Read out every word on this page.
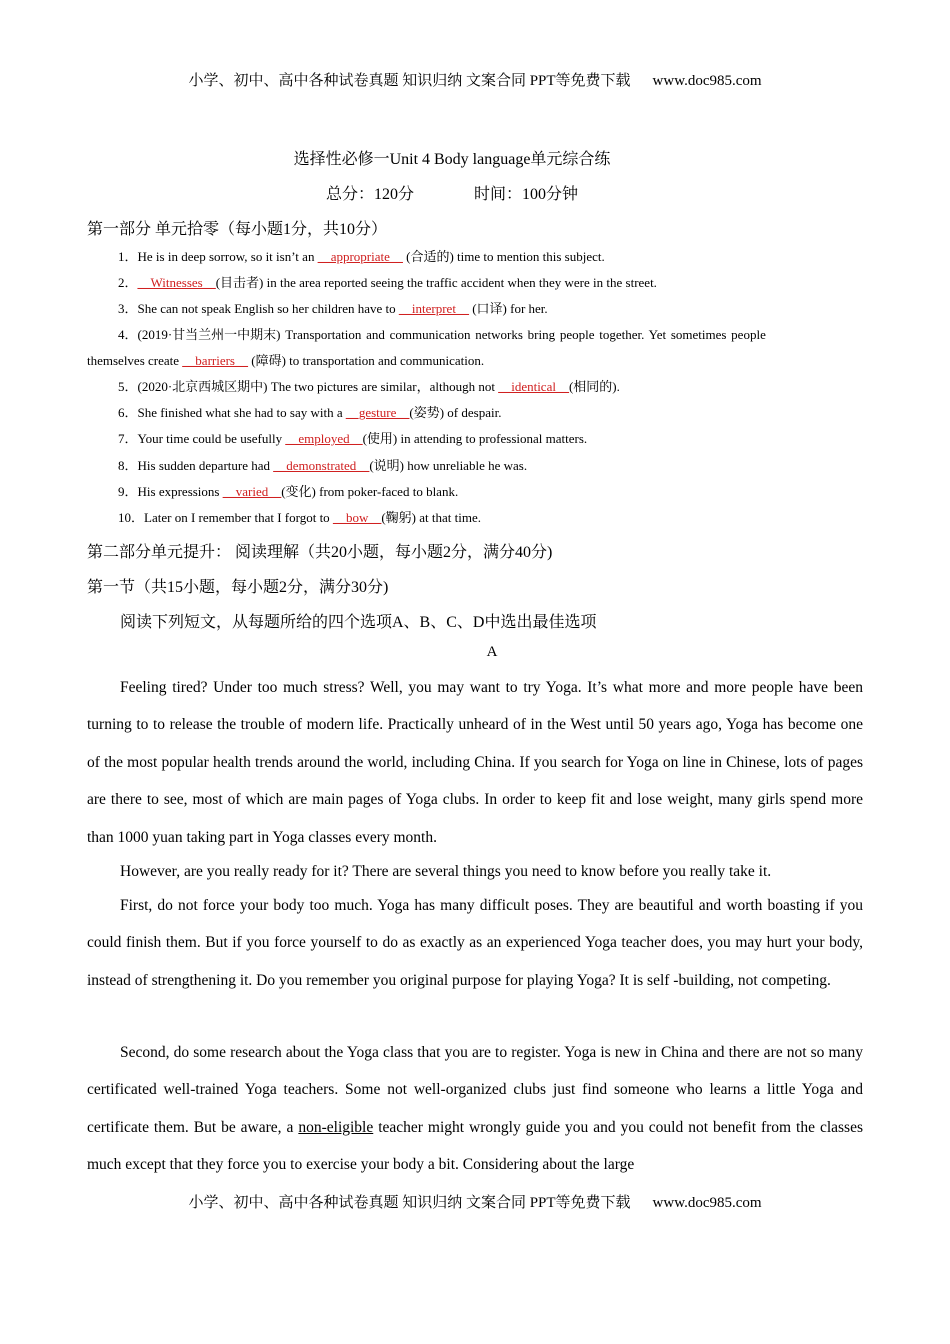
小学、初中、高中各种试卷真题 知识归纳 文案合同 PPT等免费下载 www.doc985.com
选择性必修一Unit 4 Body language单元综合练
总分：120分	时间：100分钟
第一部分 单元拾零（每小题1分，共10分）
1．He is in deep sorrow, so it isn’t an __appropriate__ (合适的) time to mention this subject.
2．__Witnesses__(目击者) in the area reported seeing the traffic accident when they were in the street.
3．She can not speak English so her children have to __interpret__ (口译) for her.
4．(2019·甘当兰州一中期末) Transportation and communication networks bring people together. Yet sometimes people
themselves create __barriers__ (障碍) to transportation and communication.
5．(2020·北京西城区期中) The two pictures are similar，although not __identical__(相同的).
6．She finished what she had to say with a __gesture__(姿势) of despair.
7．Your time could be usefully __employed__(使用) in attending to professional matters.
8．His sudden departure had __demonstrated__(说明) how unreliable he was.
9．His expressions __varied__(变化) from poker-faced to blank.
10．Later on I remember that I forgot to __bow__(鞠躬) at that time.
第二部分单元提升： 阅读理解（共20小题，每小题2分，满分40分)
第一节（共15小题，每小题2分，满分30分)
阅读下列短文，从每题所给的四个选项A、B、C、D中选出最佳选项
A
Feeling tired? Under too much stress? Well, you may want to try Yoga. It’s what more and more people have been turning to to release the trouble of modern life. Practically unheard of in the West until 50 years ago, Yoga has become one of the most popular health trends around the world, including China. If you search for Yoga on line in Chinese, lots of pages are there to see, most of which are main pages of Yoga clubs. In order to keep fit and lose weight, many girls spend more than 1000 yuan taking part in Yoga classes every month.
However, are you really ready for it? There are several things you need to know before you really take it.
First, do not force your body too much. Yoga has many difficult poses. They are beautiful and worth boasting if you could finish them. But if you force yourself to do as exactly as an experienced Yoga teacher does, you may hurt your body, instead of strengthening it. Do you remember you original purpose for playing Yoga? It is self -building, not competing.
Second, do some research about the Yoga class that you are to register. Yoga is new in China and there are not so many certificated well-trained Yoga teachers. Some not well-organized clubs just find someone who learns a little Yoga and certificate them. But be aware, a non-eligible teacher might wrongly guide you and you could not benefit from the classes much except that they force you to exercise your body a bit. Considering about the large
小学、初中、高中各种试卷真题 知识归纳 文案合同 PPT等免费下载 www.doc985.com
